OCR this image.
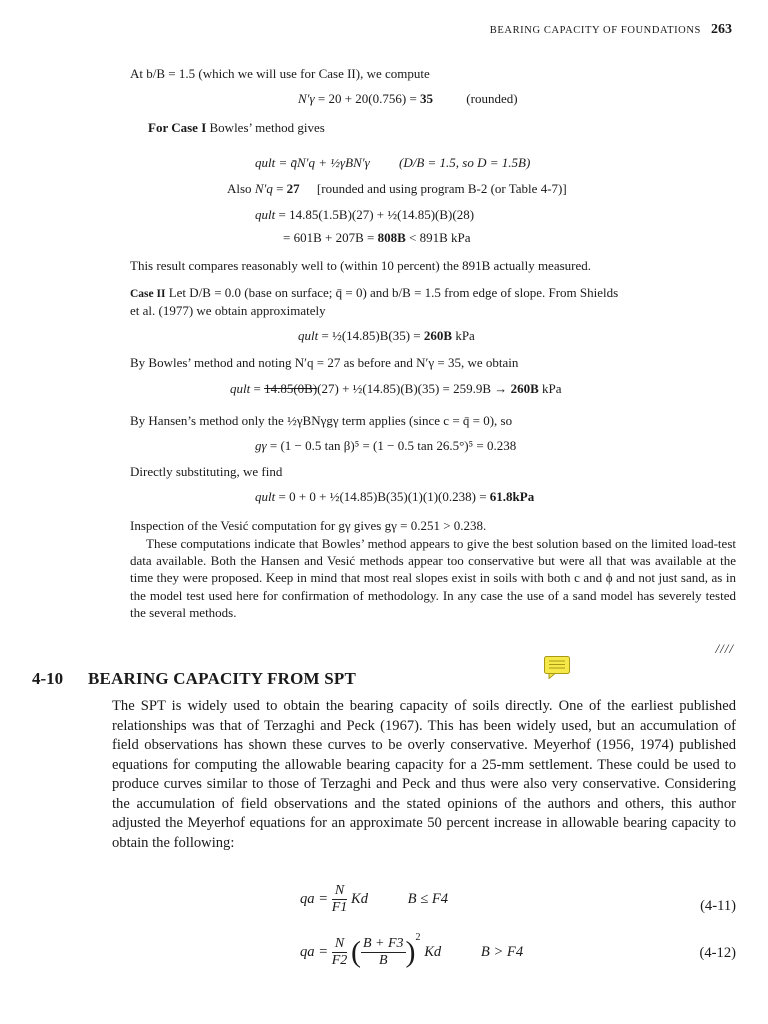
BEARING CAPACITY OF FOUNDATIONS 263
At b/B = 1.5 (which we will use for Case II), we compute
N′γ = 20 + 20(0.756) = 35	(rounded)
For Case I Bowles’ method gives
qult = q̄N′q + ½γBN′γ (D/B = 1.5, so D = 1.5B)
Also N′q = 27 [rounded and using program B-2 (or Table 4-7)]
qult = 14.85(1.5B)(27) + ½(14.85)(B)(28)
= 601B + 207B = 808B < 891B kPa
This result compares reasonably well to (within 10 percent) the 891B actually measured.
Case II Let D/B = 0.0 (base on surface; q̄ = 0) and b/B = 1.5 from edge of slope. From Shields
et al. (1977) we obtain approximately
qult = ½(14.85)B(35) = 260B kPa
By Bowles’ method and noting N′q = 27 as before and N′γ = 35, we obtain
qult = 14.85(0B)(27) + ½(14.85)(B)(35) = 259.9B → 260B kPa
By Hansen’s method only the ½γBNγgγ term applies (since c = q̄ = 0), so
gγ = (1 − 0.5 tan β)⁵ = (1 − 0.5 tan 26.5°)⁵ = 0.238
Directly substituting, we find
qult = 0 + 0 + ½(14.85)B(35)(1)(1)(0.238) = 61.8kPa
Inspection of the Vesić computation for gγ gives gγ = 0.251 > 0.238.

These computations indicate that Bowles’ method appears to give the best solution based on the limited load-test data available. Both the Hansen and Vesić methods appear too conservative but were all that was available at the time they were proposed. Keep in mind that most real slopes exist in soils with both c and ϕ and not just sand, as in the model test used here for confirmation of methodology. In any case the use of a sand model has severely tested the several methods.

////
4-10 BEARING CAPACITY FROM SPT
The SPT is widely used to obtain the bearing capacity of soils directly. One of the earliest published relationships was that of Terzaghi and Peck (1967). This has been widely used, but an accumulation of field observations has shown these curves to be overly conservative. Meyerhof (1956, 1974) published equations for computing the allowable bearing capacity for a 25-mm settlement. These could be used to produce curves similar to those of Terzaghi and Peck and thus were also very conservative. Considering the accumulation of field observations and the stated opinions of the authors and others, this author adjusted the Meyerhof equations for an approximate 50 percent increase in allowable bearing capacity to obtain the following:
qa = $\frac{N}{F1}$ Kd	B ≤ F4	(4-11)
qa = $\frac{N}{F2}$ ( $\frac{B + F3}{B} )^2$ Kd	B > F4	(4-12)
